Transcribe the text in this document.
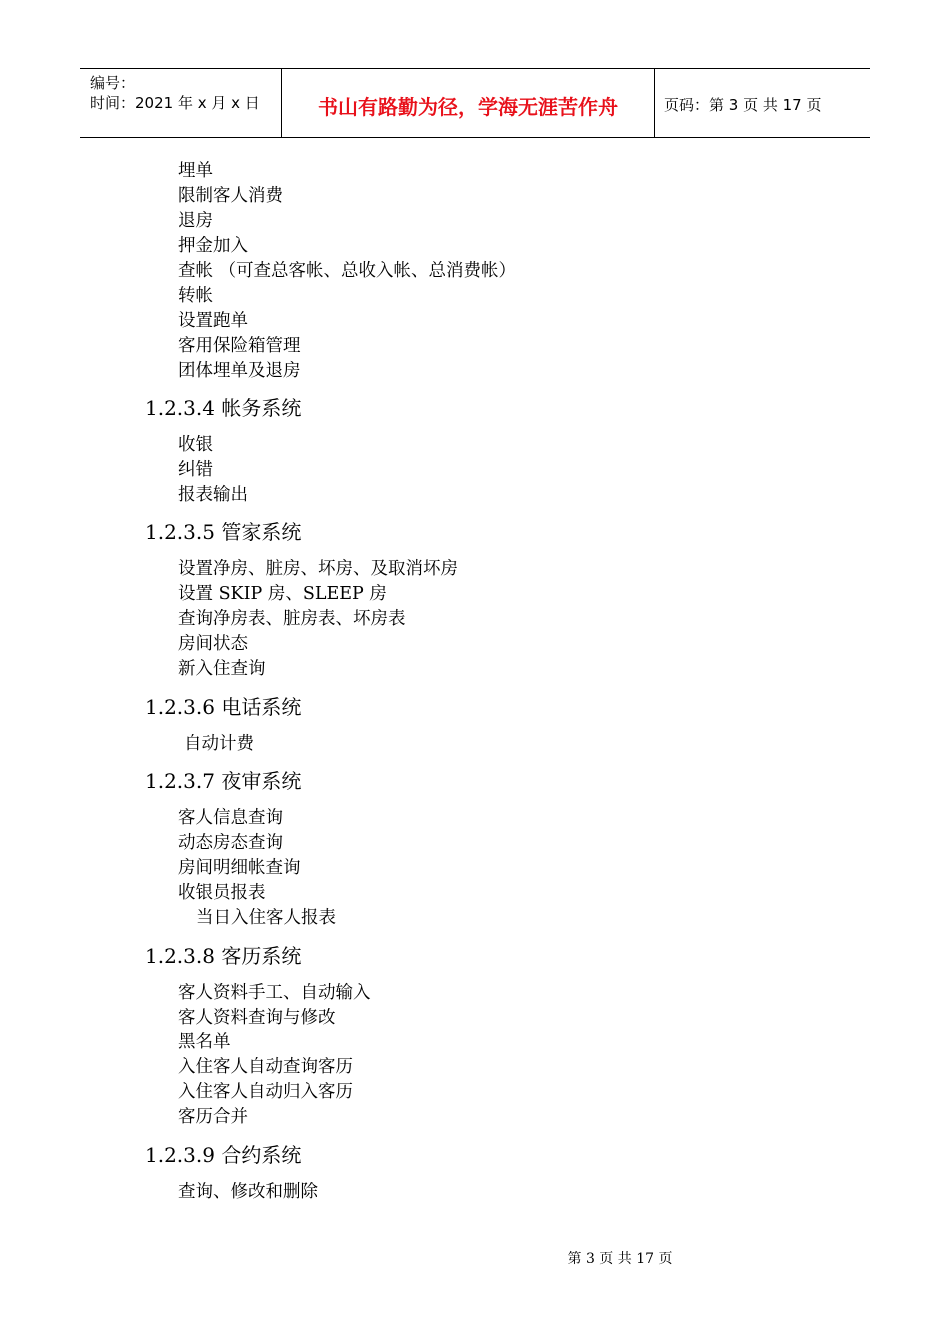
编号：
时间：2021 年 x 月 x 日	书山有路勤为径，学海无涯苦作舟	页码：第 3 页 共 17 页
埋单
限制客人消费
退房
押金加入
查帐 （可查总客帐、总收入帐、总消费帐）
转帐
设置跑单
客用保险箱管理
团体埋单及退房
1.2.3.4 帐务系统
收银
纠错
报表输出
1.2.3.5 管家系统
设置净房、脏房、坏房、及取消坏房
设置 SKIP 房、SLEEP 房
查询净房表、脏房表、坏房表
房间状态
新入住查询
1.2.3.6 电话系统
自动计费
1.2.3.7 夜审系统
客人信息查询
动态房态查询
房间明细帐查询
收银员报表
当日入住客人报表
1.2.3.8 客历系统
客人资料手工、自动输入
客人资料查询与修改
黑名单
入住客人自动查询客历
入住客人自动归入客历
客历合并
1.2.3.9 合约系统
查询、修改和删除
第 3 页 共 17 页
